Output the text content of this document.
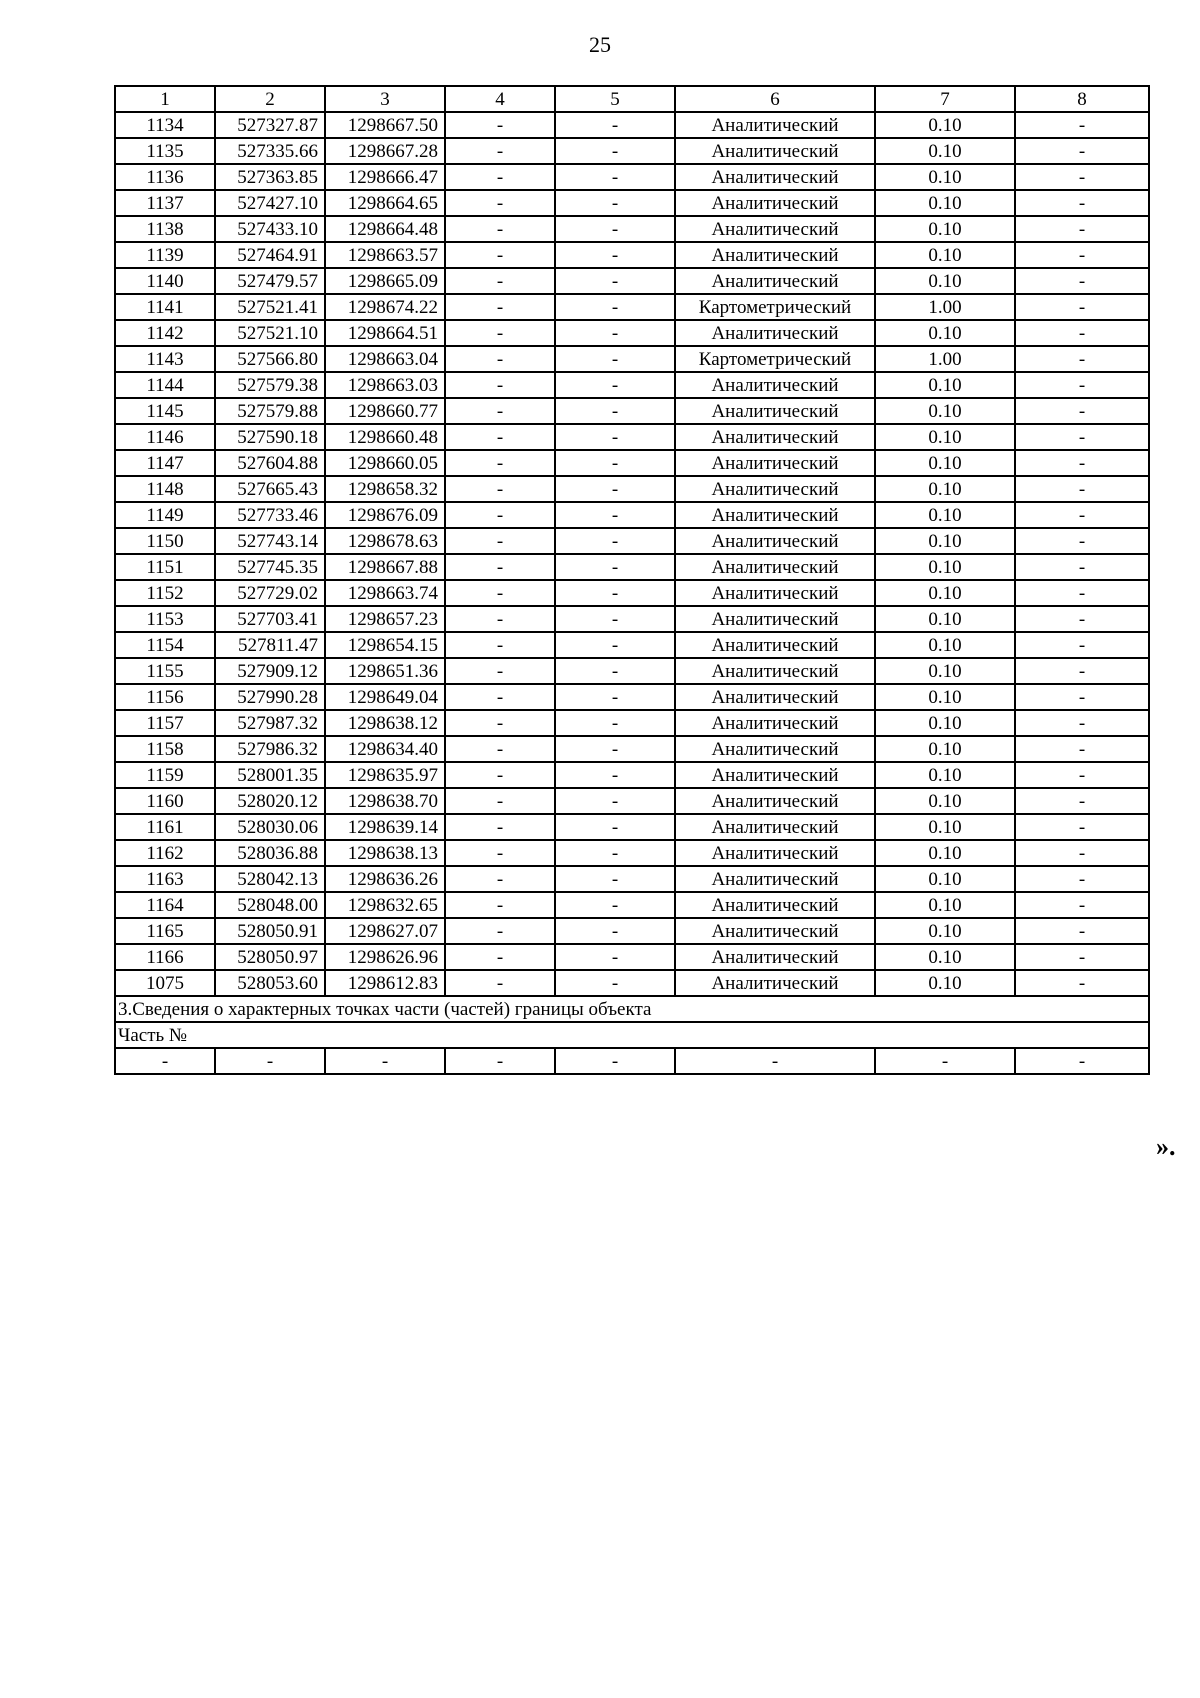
25
1	2	3	4	5	6	7	8
1134	527327.87	1298667.50	-	-	Аналитический	0.10	-
1135	527335.66	1298667.28	-	-	Аналитический	0.10	-
1136	527363.85	1298666.47	-	-	Аналитический	0.10	-
1137	527427.10	1298664.65	-	-	Аналитический	0.10	-
1138	527433.10	1298664.48	-	-	Аналитический	0.10	-
1139	527464.91	1298663.57	-	-	Аналитический	0.10	-
1140	527479.57	1298665.09	-	-	Аналитический	0.10	-
1141	527521.41	1298674.22	-	-	Картометрический	1.00	-
1142	527521.10	1298664.51	-	-	Аналитический	0.10	-
1143	527566.80	1298663.04	-	-	Картометрический	1.00	-
1144	527579.38	1298663.03	-	-	Аналитический	0.10	-
1145	527579.88	1298660.77	-	-	Аналитический	0.10	-
1146	527590.18	1298660.48	-	-	Аналитический	0.10	-
1147	527604.88	1298660.05	-	-	Аналитический	0.10	-
1148	527665.43	1298658.32	-	-	Аналитический	0.10	-
1149	527733.46	1298676.09	-	-	Аналитический	0.10	-
1150	527743.14	1298678.63	-	-	Аналитический	0.10	-
1151	527745.35	1298667.88	-	-	Аналитический	0.10	-
1152	527729.02	1298663.74	-	-	Аналитический	0.10	-
1153	527703.41	1298657.23	-	-	Аналитический	0.10	-
1154	527811.47	1298654.15	-	-	Аналитический	0.10	-
1155	527909.12	1298651.36	-	-	Аналитический	0.10	-
1156	527990.28	1298649.04	-	-	Аналитический	0.10	-
1157	527987.32	1298638.12	-	-	Аналитический	0.10	-
1158	527986.32	1298634.40	-	-	Аналитический	0.10	-
1159	528001.35	1298635.97	-	-	Аналитический	0.10	-
1160	528020.12	1298638.70	-	-	Аналитический	0.10	-
1161	528030.06	1298639.14	-	-	Аналитический	0.10	-
1162	528036.88	1298638.13	-	-	Аналитический	0.10	-
1163	528042.13	1298636.26	-	-	Аналитический	0.10	-
1164	528048.00	1298632.65	-	-	Аналитический	0.10	-
1165	528050.91	1298627.07	-	-	Аналитический	0.10	-
1166	528050.97	1298626.96	-	-	Аналитический	0.10	-
1075	528053.60	1298612.83	-	-	Аналитический	0.10	-
3.Сведения о характерных точках части (частей) границы объекта							
Часть №							
-	-	-	-	-	-	-	-
».
